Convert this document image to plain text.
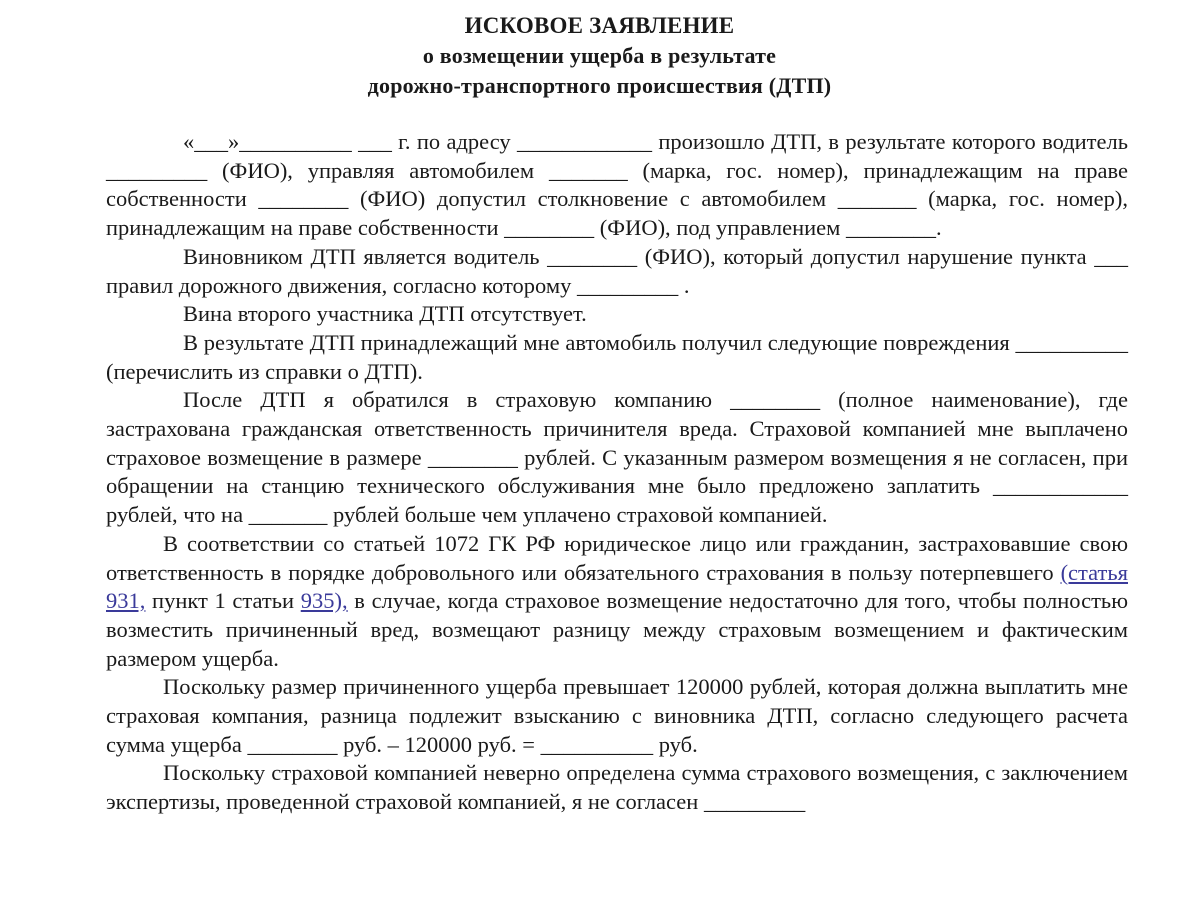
ИСКОВОЕ ЗАЯВЛЕНИЕ
о возмещении ущерба в результате
дорожно-транспортного происшествия (ДТП)

«___»__________ ___ г. по адресу ____________ произошло ДТП, в результате которого водитель _________ (ФИО), управляя автомобилем _______ (марка, гос. номер), принадлежащим на праве собственности ________ (ФИО) допустил столкновение с автомобилем _______ (марка, гос. номер), принадлежащим на праве собственности ________ (ФИО), под управлением ________.

Виновником ДТП является водитель ________ (ФИО), который допустил нарушение пункта ___ правил дорожного движения, согласно которому _________ .

Вина второго участника ДТП отсутствует.

В результате ДТП принадлежащий мне автомобиль получил следующие повреждения __________ (перечислить из справки о ДТП).

После ДТП я обратился в страховую компанию ________ (полное наименование), где застрахована гражданская ответственность причинителя вреда. Страховой компанией мне выплачено страховое возмещение в размере ________ рублей. С указанным размером возмещения я не согласен, при обращении на станцию технического обслуживания мне было предложено заплатить ____________ рублей, что на _______ рублей больше чем уплачено страховой компанией.

В соответствии со статьей 1072 ГК РФ юридическое лицо или гражданин, застраховавшие свою ответственность в порядке добровольного или обязательного страхования в пользу потерпевшего (статья 931, пункт 1 статьи 935), в случае, когда страховое возмещение недостаточно для того, чтобы полностью возместить причиненный вред, возмещают разницу между страховым возмещением и фактическим размером ущерба.

Поскольку размер причиненного ущерба превышает 120000 рублей, которая должна выплатить мне страховая компания, разница подлежит взысканию с виновника ДТП, согласно следующего расчета сумма ущерба ________ руб. – 120000 руб. = __________ руб.

Поскольку страховой компанией неверно определена сумма страхового возмещения, с заключением экспертизы, проведенной страховой компанией, я не согласен _________
